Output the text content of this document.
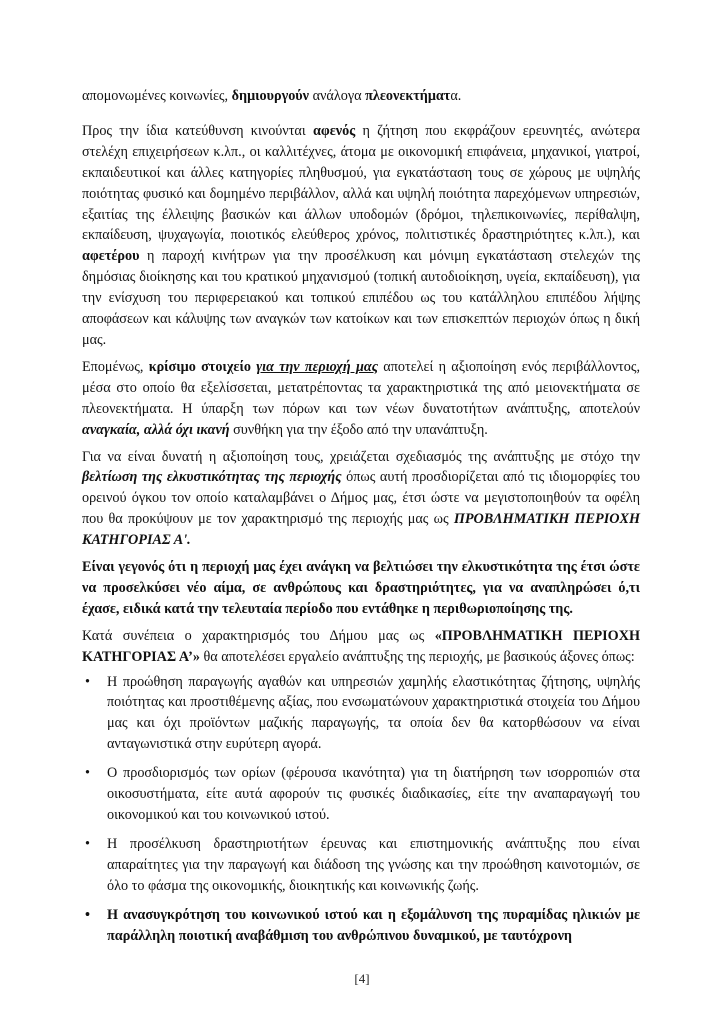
απομονωμένες κοινωνίες, δημιουργούν ανάλογα πλεονεκτήματα.

Προς την ίδια κατεύθυνση κινούνται αφενός η ζήτηση που εκφράζουν ερευνητές, ανώτερα στελέχη επιχειρήσεων κ.λπ., οι καλλιτέχνες, άτομα με οικονομική επιφάνεια, μηχανικοί, γιατροί, εκπαιδευτικοί και άλλες κατηγορίες πληθυσμού, για εγκατάσταση τους σε χώρους με υψηλής ποιότητας φυσικό και δομημένο περιβάλλον, αλλά και υψηλή ποιότητα παρεχόμενων υπηρεσιών, εξαιτίας της έλλειψης βασικών και άλλων υποδομών (δρόμοι, τηλεπικοινωνίες, περίθαλψη, εκπαίδευση, ψυχαγωγία, ποιοτικός ελεύθερος χρόνος, πολιτιστικές δραστηριότητες κ.λπ.), και αφετέρου η παροχή κινήτρων για την προσέλκυση και μόνιμη εγκατάσταση στελεχών της δημόσιας διοίκησης και του κρατικού μηχανισμού (τοπική αυτοδιοίκηση, υγεία, εκπαίδευση), για την ενίσχυση του περιφερειακού και τοπικού επιπέδου ως του κατάλληλου επιπέδου λήψης αποφάσεων και κάλυψης των αναγκών των κατοίκων και των επισκεπτών περιοχών όπως η δική μας.

Επομένως, κρίσιμο στοιχείο για την περιοχή μας αποτελεί η αξιοποίηση ενός περιβάλλοντος, μέσα στο οποίο θα εξελίσσεται, μετατρέποντας τα χαρακτηριστικά της από μειονεκτήματα σε πλεονεκτήματα. Η ύπαρξη των πόρων και των νέων δυνατοτήτων ανάπτυξης, αποτελούν αναγκαία, αλλά όχι ικανή συνθήκη για την έξοδο από την υπανάπτυξη.

Για να είναι δυνατή η αξιοποίηση τους, χρειάζεται σχεδιασμός της ανάπτυξης με στόχο την βελτίωση της ελκυστικότητας της περιοχής όπως αυτή προσδιορίζεται από τις ιδιομορφίες του ορεινού όγκου τον οποίο καταλαμβάνει ο Δήμος μας, έτσι ώστε να μεγιστοποιηθούν τα οφέλη που θα προκύψουν με τον χαρακτηρισμό της περιοχής μας ως ΠΡΟΒΛΗΜΑΤΙΚΗ ΠΕΡΙΟΧΗ ΚΑΤΗΓΟΡΙΑΣ Α'.

Είναι γεγονός ότι η περιοχή μας έχει ανάγκη να βελτιώσει την ελκυστικότητα της έτσι ώστε να προσελκύσει νέο αίμα, σε ανθρώπους και δραστηριότητες, για να αναπληρώσει ό,τι έχασε, ειδικά κατά την τελευταία περίοδο που εντάθηκε η περιθωριοποίησης της.

Κατά συνέπεια ο χαρακτηρισμός του Δήμου μας ως «ΠΡΟΒΛΗΜΑΤΙΚΗ ΠΕΡΙΟΧΗ ΚΑΤΗΓΟΡΙΑΣ Α’» θα αποτελέσει εργαλείο ανάπτυξης της περιοχής, με βασικούς άξονες όπως:

• Η προώθηση παραγωγής αγαθών και υπηρεσιών χαμηλής ελαστικότητας ζήτησης, υψηλής ποιότητας και προστιθέμενης αξίας, που ενσωματώνουν χαρακτηριστικά στοιχεία του Δήμου μας και όχι προϊόντων μαζικής παραγωγής, τα οποία δεν θα κατορθώσουν να είναι ανταγωνιστικά στην ευρύτερη αγορά.
• Ο προσδιορισμός των ορίων (φέρουσα ικανότητα) για τη διατήρηση των ισορροπιών στα οικοσυστήματα, είτε αυτά αφορούν τις φυσικές διαδικασίες, είτε την αναπαραγωγή του οικονομικού και του κοινωνικού ιστού.
• Η προσέλκυση δραστηριοτήτων έρευνας και επιστημονικής ανάπτυξης που είναι απαραίτητες για την παραγωγή και διάδοση της γνώσης και την προώθηση καινοτομιών, σε όλο το φάσμα της οικονομικής, διοικητικής και κοινωνικής ζωής.
• Η ανασυγκρότηση του κοινωνικού ιστού και η εξομάλυνση της πυραμίδας ηλικιών με παράλληλη ποιοτική αναβάθμιση του ανθρώπινου δυναμικού, με ταυτόχρονη
[4]
